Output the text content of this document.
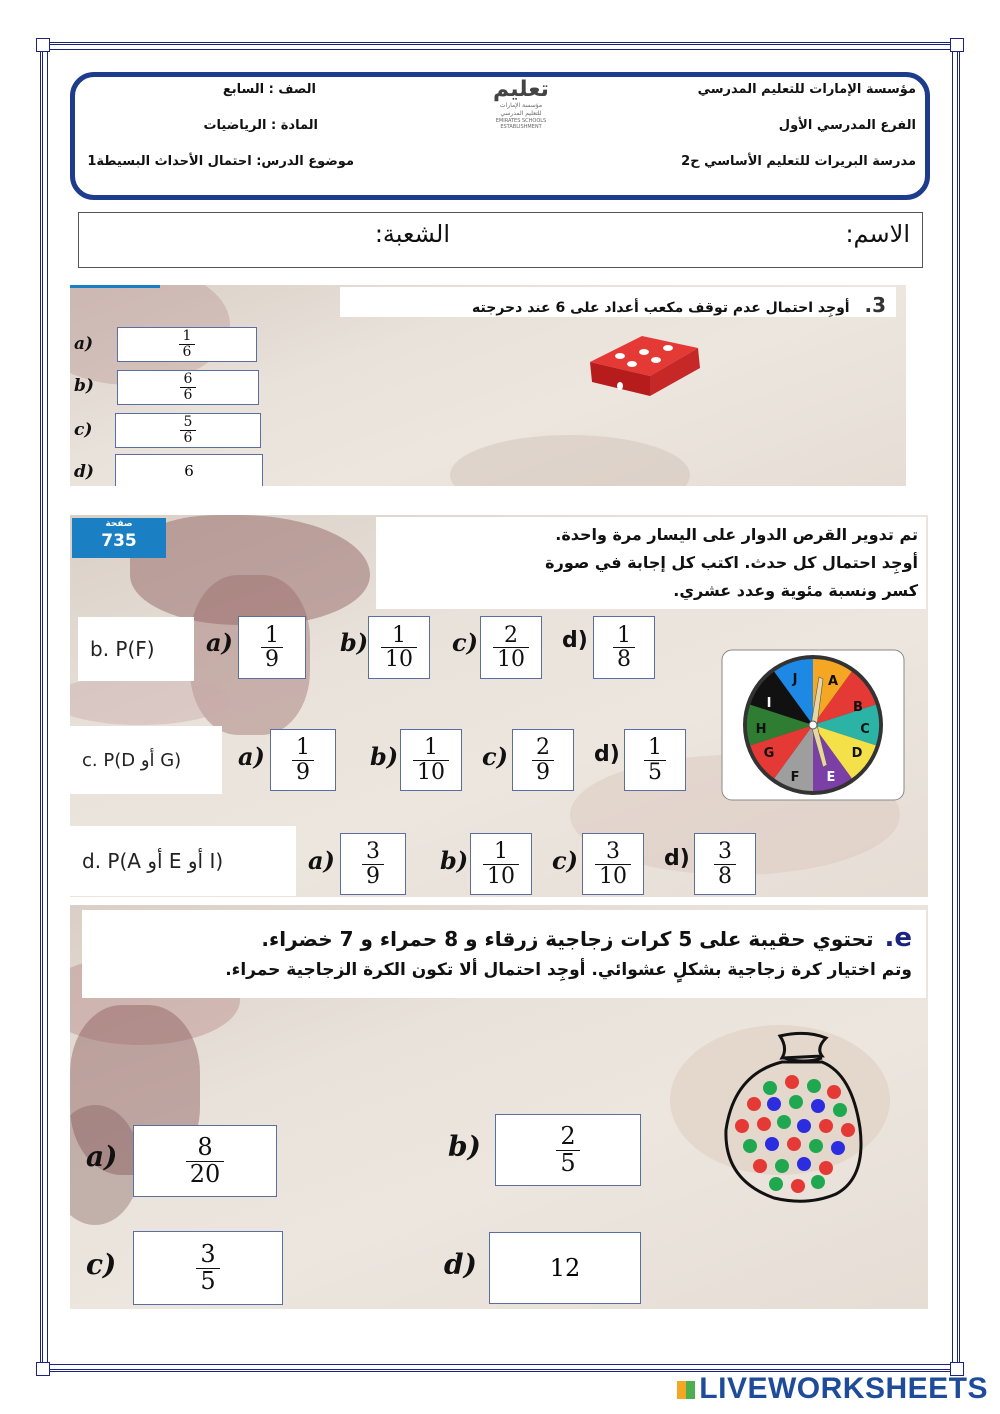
مؤسسة الإمارات للتعليم المدرسي
الفرع المدرسي الأول
مدرسة البريرات للتعليم الأساسي ح2
الصف : السابع
المادة : الرياضيات
موضوع الدرس: احتمال الأحداث البسيطة1
تعليم
مؤسسة الإمارات
للتعليم المدرسي
EMIRATES SCHOOLS
ESTABLISHMENT
الاسم:
الشعبة:
3. أوجِد احتمال عدم توقف مكعب أعداد على 6 عند دحرجته
a)	$\frac{1}{6}$
b)	$\frac{6}{6}$
c)	$\frac{5}{6}$
d)	6
صفحة
735	تم تدوير القرص الدوار على اليسار مرة واحدة.
أوجِد احتمال كل حدث. اكتب كل إجابة في صورة
كسر ونسبة مئوية وعدد عشري.
A
B
C
D
E
F
G
H
I
J
b. P(F)	$a) \frac{1}{9} b) \frac{1}{10} c) \frac{2}{10} d) \frac{1}{8}$
c. P(D أو G)	$a) \frac{1}{9} b) \frac{1}{10} c) \frac{2}{9} d) \frac{1}{5}$
d. P(A أو E أو I)	$a) \frac{3}{9} b) \frac{1}{10} c) \frac{3}{10} d) \frac{3}{8}$
e. تحتوي حقيبة على 5 كرات زجاجية زرقاء و 8 حمراء و 7 خضراء.
وتم اختيار كرة زجاجية بشكلٍ عشوائي. أوجِد احتمال ألا تكون الكرة الزجاجية حمراء.
a)	$\frac{8}{20}$	b)	$\frac{2}{5}$
c)	$\frac{3}{5}$	d)	12
LIVEWORKSHEETS
